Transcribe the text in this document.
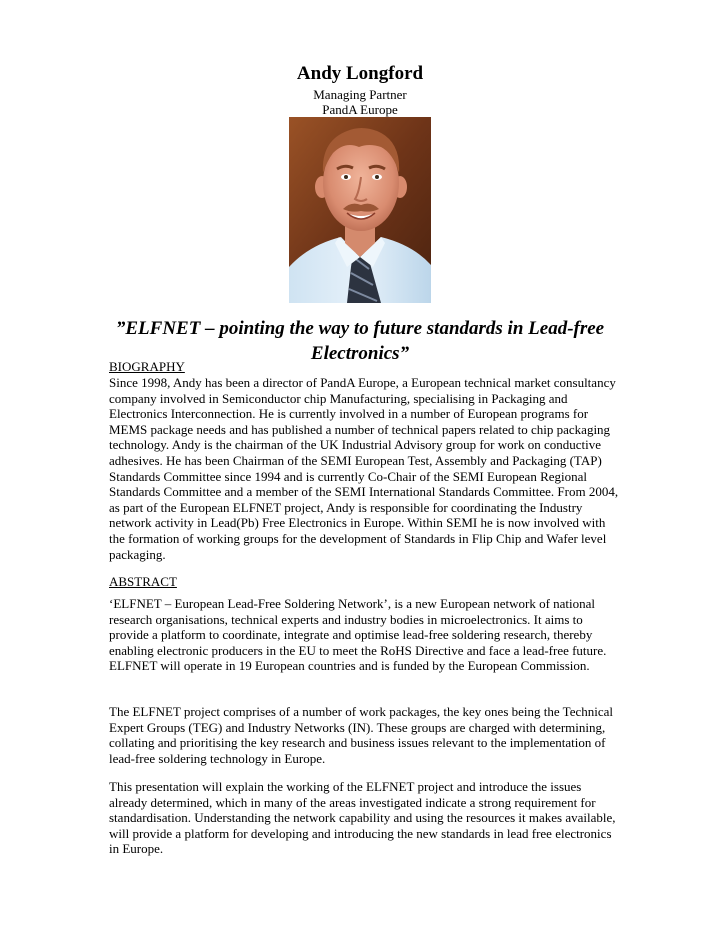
Andy Longford
Managing Partner
PandA Europe
”ELFNET – pointing the way to future standards in Lead-free Electronics”
BIOGRAPHY

Since 1998, Andy has been a director of PandA Europe, a European technical market consultancy company involved in Semiconductor chip Manufacturing, specialising in Packaging and Electronics Interconnection. He is currently involved in a number of European programs for MEMS package needs and has published a number of technical papers related to chip packaging technology. Andy is the chairman of the UK Industrial Advisory group for work on conductive adhesives. He has been Chairman of the SEMI European Test, Assembly and Packaging (TAP) Standards Committee since 1994 and is currently Co-Chair of the SEMI European Regional Standards Committee and a member of the SEMI International Standards Committee. From 2004, as part of the European ELFNET project, Andy is responsible for coordinating the Industry network activity in Lead(Pb) Free Electronics in Europe. Within SEMI he is now involved with the formation of working groups for the development of Standards in Flip Chip and Wafer level packaging.

ABSTRACT

‘ELFNET – European Lead-Free Soldering Network’, is a new European network of national research organisations, technical experts and industry bodies in microelectronics. It aims to provide a platform to coordinate, integrate and optimise lead-free soldering research, thereby enabling electronic producers in the EU to meet the RoHS Directive and face a lead-free future. ELFNET will operate in 19 European countries and is funded by the European Commission.

The ELFNET project comprises of a number of work packages, the key ones being the Technical Expert Groups (TEG) and Industry Networks (IN). These groups are charged with determining, collating and prioritising the key research and business issues relevant to the implementation of lead-free soldering technology in Europe.

This presentation will explain the working of the ELFNET project and introduce the issues already determined, which in many of the areas investigated indicate a strong requirement for standardisation. Understanding the network capability and using the resources it makes available, will provide a platform for developing and introducing the new standards in lead free electronics in Europe.
